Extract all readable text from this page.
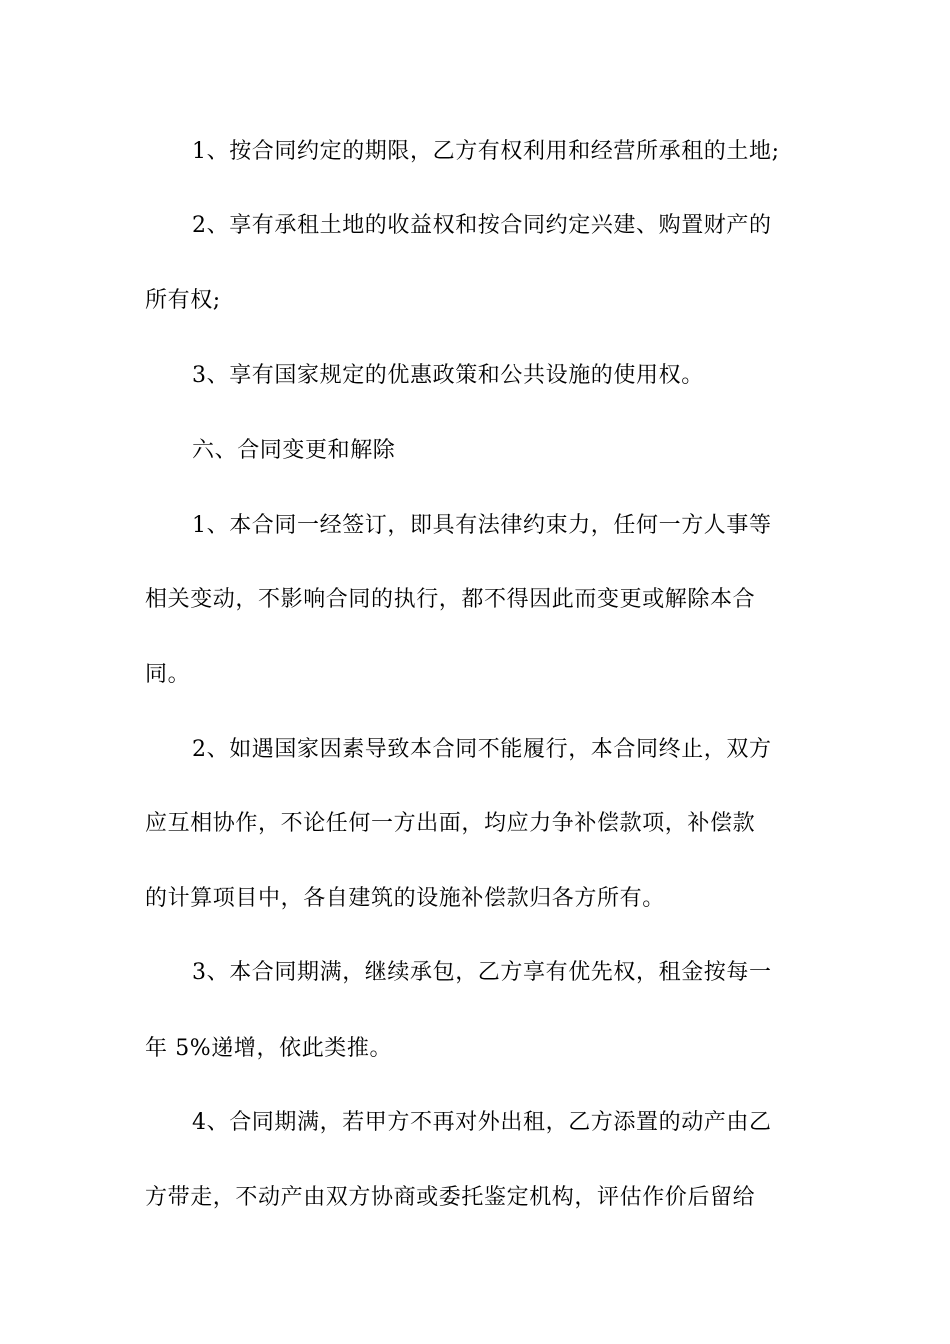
1、按合同约定的期限，乙方有权利用和经营所承租的土地;
2、享有承租土地的收益权和按合同约定兴建、购置财产的
所有权;
3、享有国家规定的优惠政策和公共设施的使用权。
六、合同变更和解除
1、本合同一经签订，即具有法律约束力，任何一方人事等
相关变动，不影响合同的执行，都不得因此而变更或解除本合
同。
2、如遇国家因素导致本合同不能履行，本合同终止，双方
应互相协作，不论任何一方出面，均应力争补偿款项，补偿款
的计算项目中，各自建筑的设施补偿款归各方所有。
3、本合同期满，继续承包，乙方享有优先权，租金按每一
年 5%递增，依此类推。
4、合同期满，若甲方不再对外出租，乙方添置的动产由乙
方带走，不动产由双方协商或委托鉴定机构，评估作价后留给
